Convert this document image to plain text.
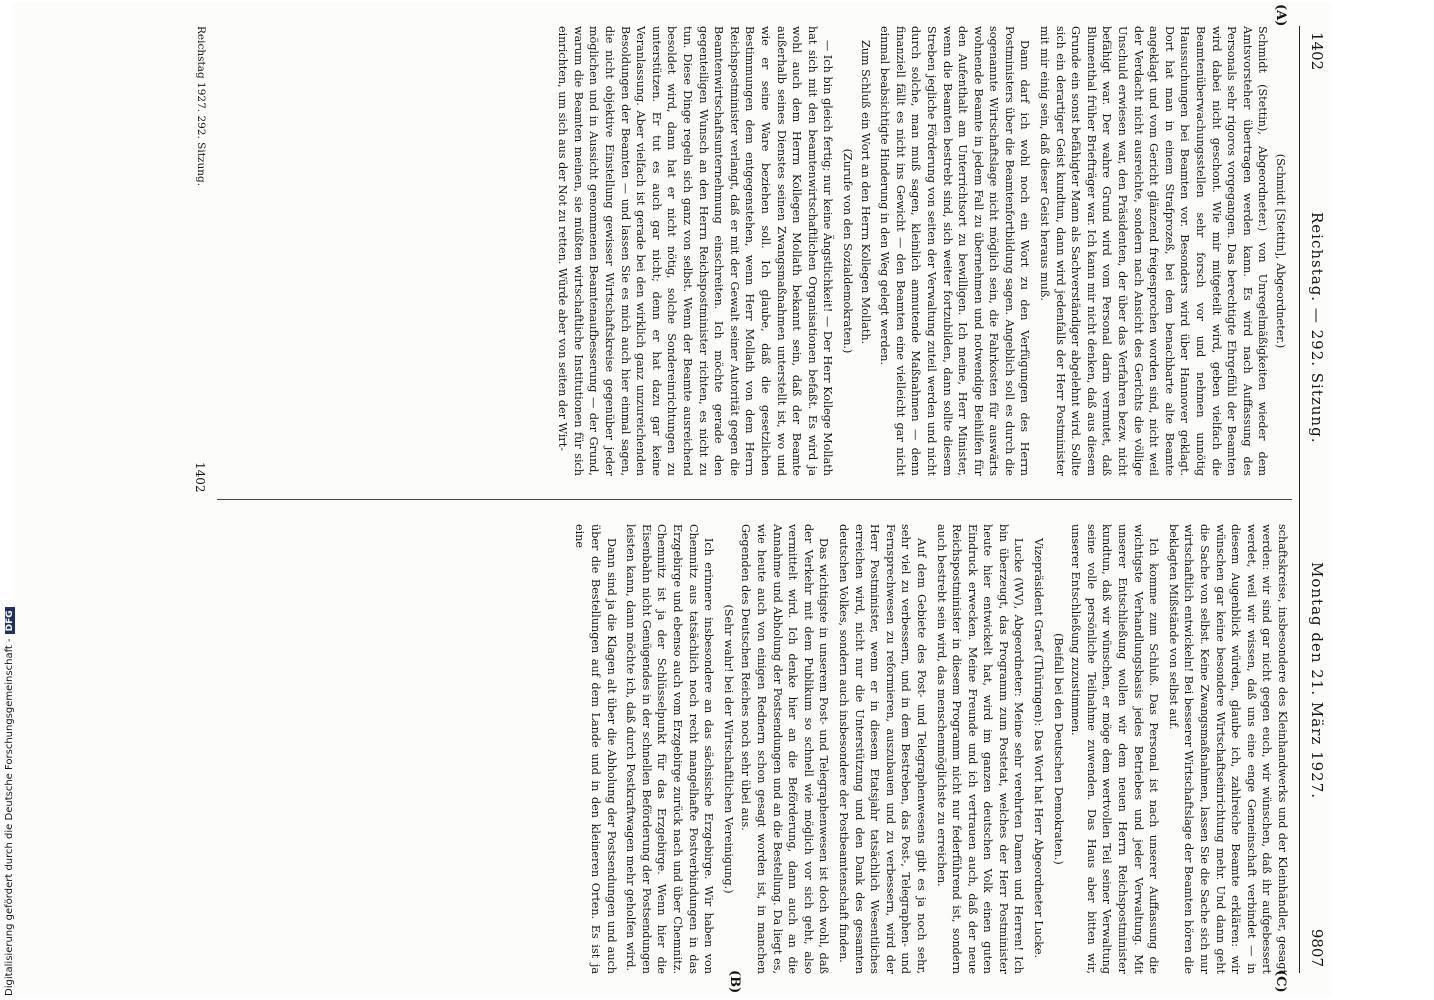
1402
Reichstag. — 292. Sitzung.
Montag den 21. März 1927.
9807
(A)
(B)	(C)

(Schmidt [Stettin], Abgeordneter.)

Schmidt (Stettin), Abgeordneter.) von Unregelmäßigkeiten wieder dem Amtsvorsteher übertragen werden kann. Es wird nach Auffassung des Personals sehr rigoros vorgegangen. Das berechtigte Ehrgefühl der Beamten wird dabei nicht geschont. Wie mir mitgeteilt wird, geben vielfach die Beamtenüberwachungsstellen sehr forsch vor und nehmen unnötig Haussuchungen bei Beamten vor. Besonders wird über Hannover geklagt. Dort hat man in einem Strafprozeß, bei dem benachbarte alte Beamte angeklagt und vom Gericht glänzend freigesprochen worden sind, nicht weil der Verdacht nicht ausreichte, sondern nach Ansicht des Gerichts die völlige Unschuld erwiesen war, den Präsidenten, der über das Verfahren bezw. nicht befähigt war. Der wahre Grund wird vom Personal darin vermutet, daß Blumenthal früher Briefträger war. Ich kann mir nicht denken, daß aus diesem Grunde ein sonst befähigter Mann als Sachverständiger abgelehnt wird. Sollte sich ein derartiger Geist kundtun, dann wird jedenfalls der Herr Postminister mit mir einig sein, daß dieser Geist heraus muß.

Dann darf ich wohl noch ein Wort zu den Verfügungen des Herrn Postministers über die Beamtenfortbildung sagen. Angeblich soll es durch die sogenannte Wirtschaftslage nicht möglich sein, die Fahrkosten für auswärts wohnende Beamte in jedem Fall zu übernehmen und notwendige Beihilfen für den Aufenthalt am Unterrichtsort zu bewilligen. Ich meine, Herr Minister, wenn die Beamten bestrebt sind, sich weiter fortzubilden, dann sollte diesem Streben jegliche Förderung von seiten der Verwaltung zuteil werden und nicht durch solche, man muß sagen, kleinlich anmutende Maßnahmen — denn finanziell fällt es nicht ins Gewicht — den Beamten eine vielleicht gar nicht einmal beabsichtigte Hinderung in den Weg gelegt werden.

Zum Schluß ein Wort an den Herrn Kollegen Mollath.

(Zurufe von den Sozialdemokraten.)

— Ich bin gleich fertig; nur keine Ängstlichkeit! — Der Herr Kollege Mollath hat sich mit den beamtenwirtschaftlichen Organisationen befaßt. Es wird ja wohl auch dem Herrn Kollegen Mollath bekannt sein, daß der Beamte außerhalb seines Dienstes seinen Zwangsmaßnahmen unterstellt ist, wo und wie er seine Ware beziehen soll. Ich glaube, daß die gesetzlichen Bestimmungen dem entgegenstehen, wenn Herr Mollath von dem Herrn Reichspostminister verlangt, daß er mit der Gewalt seiner Autorität gegen die Beamtenwirtschaftsunternehmung einschreiten. Ich möchte gerade den gegenteiligen Wunsch an den Herrn Reichspostminister richten, es nicht zu tun. Diese Dinge regeln sich ganz von selbst. Wenn der Beamte ausreichend besoldet wird, dann hat er nicht nötig, solche Sondereinrichtungen zu unterstützen. Er tut es auch gar nicht; denn er hat dazu gar keine Veranlassung. Aber vielfach ist gerade bei den wirklich ganz unzureichenden Besoldungen der Beamten — und lassen Sie es mich auch hier einmal sagen, die nicht objektive Einstellung gewisser Wirtschaftskreise gegenüber jeder möglichen und in Aussicht genommenen Beamtenaufbesserung — der Grund, warum die Beamten meinen, sie müßten wirtschaftliche Institutionen für sich einrichten, um sich aus der Not zu retten. Würde aber von seiten der Wirt-

schaftskreise, insbesondere des Kleinhandwerks und der Kleinhändler, gesagt werden: wir sind gar nicht gegen euch, wir wünschen, daß ihr aufgebessert werdet, weil wir wissen, daß uns eine enge Gemeinschaft verbindet — in diesem Augenblick würden, glaube ich, zahlreiche Beamte erklären: wir wünschen gar keine besondere Wirtschaftseinrichtung mehr. Und dann geht die Sache von selbst. Keine Zwangsmaßnahmen, lassen Sie die Sache sich nur wirtschaftlich entwickeln! Bei besserer Wirtschaftslage der Beamten hören die beklagten Mißstände von selbst auf.

Ich komme zum Schluß. Das Personal ist nach unserer Auffassung die wichtigste Verhandlungsbasis jedes Betriebes und jeder Verwaltung. Mit unserer Entschließung wollen wir dem neuen Herrn Reichspostminister kundtun, daß wir wünschen, er möge dem wertvollen Teil seiner Verwaltung seine volle persönliche Teilnahme zuwenden. Das Haus aber bitten wir, unserer Entschließung zuzustimmen.

(Beifall bei den Deutschen Demokraten.)

Vizepräsident Graef (Thüringen): Das Wort hat Herr Abgeordneter Lucke.

Lucke (WV), Abgeordneter: Meine sehr verehrten Damen und Herren! Ich bin überzeugt, das Programm zum Postetat, welches der Herr Postminister heute hier entwickelt hat, wird im ganzen deutschen Volk einen guten Eindruck erwecken. Meine Freunde und ich vertrauen auch, daß der neue Reichspostminister in diesem Programm nicht nur federführend ist, sondern auch bestrebt sein wird, das menschenmöglichste zu erreichen.

Auf dem Gebiete des Post- und Telegraphenwesens gibt es ja noch sehr, sehr viel zu verbessern, und in dem Bestreben, das Post-, Telegraphen- und Fernsprechwesen zu reformieren, auszubauen und zu verbessern, wird der Herr Postminister, wenn er in diesem Etatsjahr tatsächlich Wesentliches erreichen wird, nicht nur die Unterstützung und den Dank des gesamten deutschen Volkes, sondern auch insbesondere der Postbeamtenschaft finden.

Das wichtigste in unserem Post- und Telegraphenwesen ist doch wohl, daß der Verkehr mit dem Publikum so schnell wie möglich vor sich geht, also vermittelt wird. Ich denke hier an die Beförderung, dann auch an die Annahme und Abholung der Postsendungen und an die Bestellung. Da liegt es, wie heute auch von einigen Rednern schon gesagt worden ist, in manchen Gegenden des Deutschen Reiches noch sehr übel aus.

(Sehr wahr! bei der Wirtschaftlichen Vereinigung.)

Ich erinnere insbesondere an das sächsische Erzgebirge. Wir haben von Chemnitz aus tatsächlich noch recht mangelhafte Postverbindungen in das Erzgebirge und ebenso auch vom Erzgebirge zurück nach und über Chemnitz. Chemnitz ist ja der Schlüsselpunkt für das Erzgebirge. Wenn hier die Eisenbahn nicht Genügendes in der schnellen Beförderung der Postsendungen leisten kann, dann möchte ich, daß durch Postkraftwagen mehr geholfen wird.

Dann sind ja die Klagen alt über die Abholung der Postsendungen und auch über die Bestellungen auf dem Lande und in den kleineren Orten. Es ist ja eine

Reichstag 1927. 292. Sitzung.
1402
Digitalisierung gefördert durch die Deutsche Forschungsgemeinschaft -DFG
